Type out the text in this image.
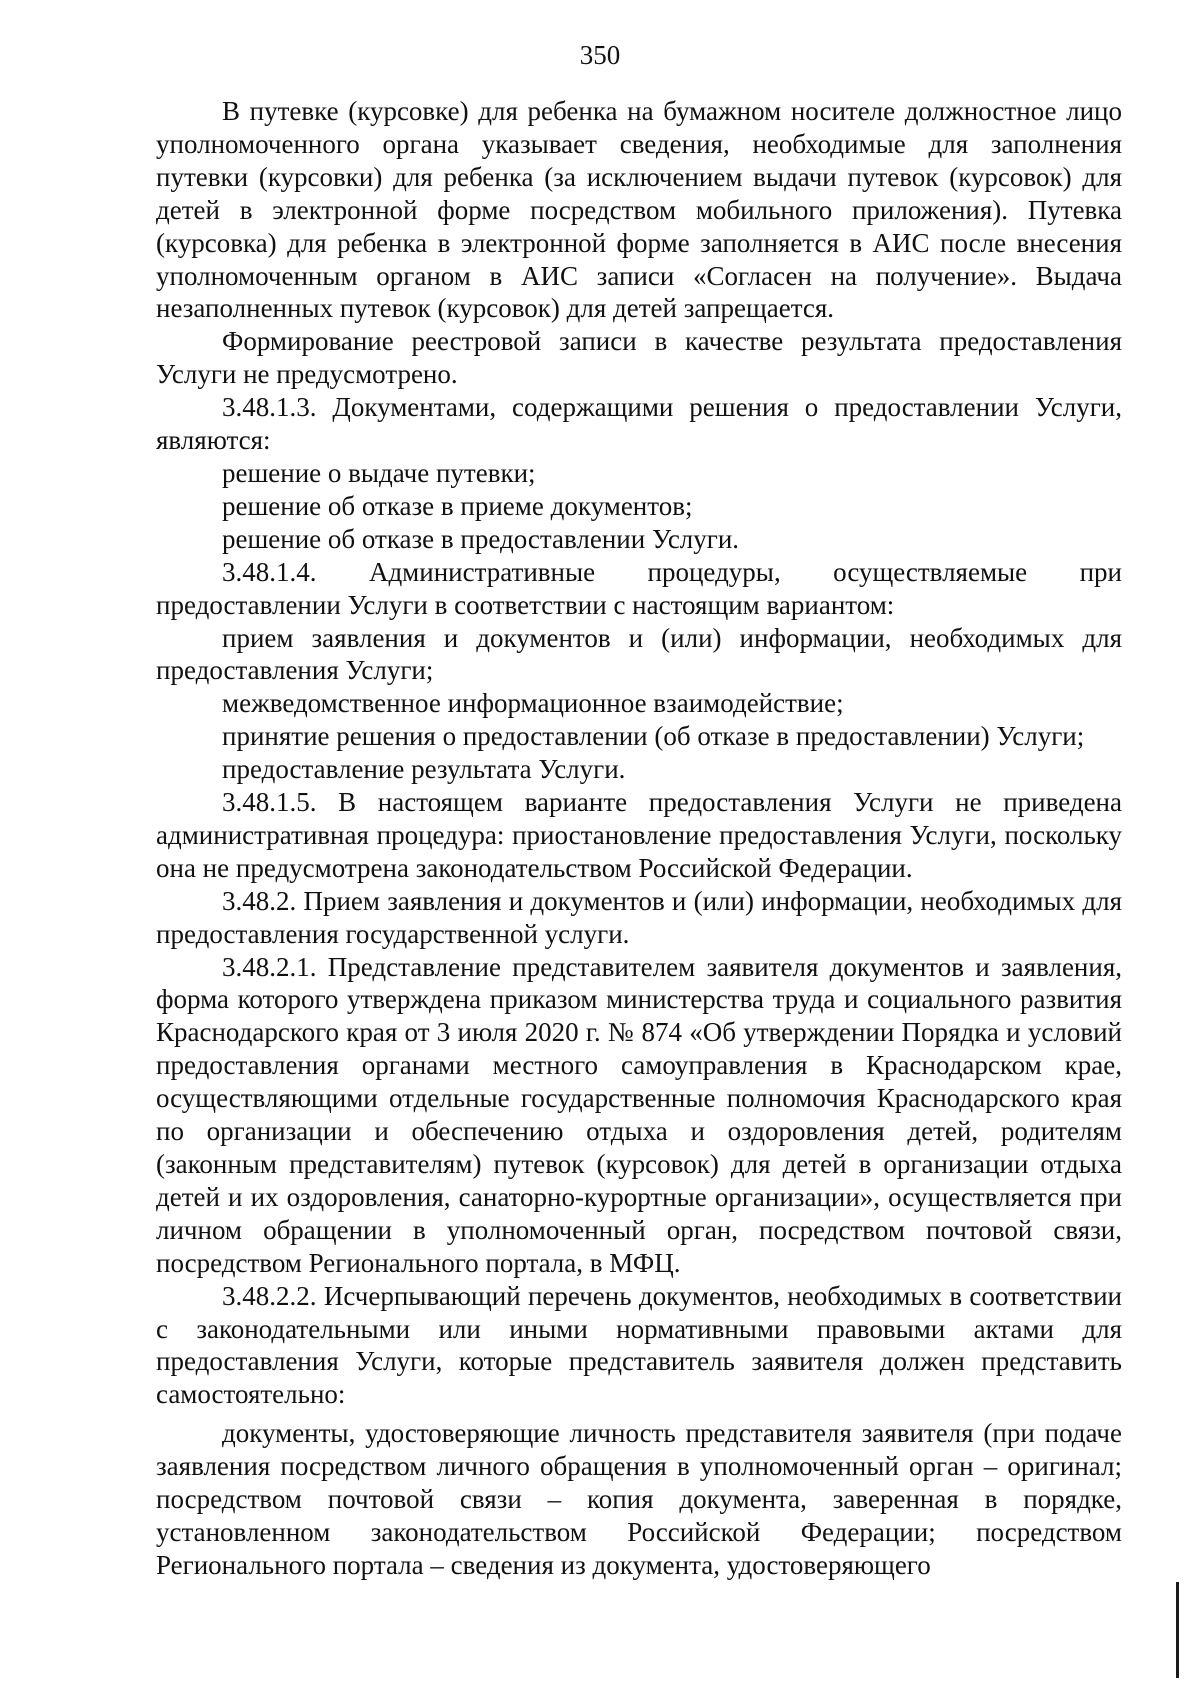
350

В путевке (курсовке) для ребенка на бумажном носителе должностное лицо уполномоченного органа указывает сведения, необходимые для заполнения путевки (курсовки) для ребенка (за исключением выдачи путевок (курсовок) для детей в электронной форме посредством мобильного приложения). Путевка (курсовка) для ребенка в электронной форме заполняется в АИС после внесения уполномоченным органом в АИС записи «Согласен на получение». Выдача незаполненных путевок (курсовок) для детей запрещается.

Формирование реестровой записи в качестве результата предоставления Услуги не предусмотрено.

3.48.1.3. Документами, содержащими решения о предоставлении Услуги, являются:

решение о выдаче путевки;

решение об отказе в приеме документов;

решение об отказе в предоставлении Услуги.

3.48.1.4. Административные процедуры, осуществляемые при предоставлении Услуги в соответствии с настоящим вариантом:

прием заявления и документов и (или) информации, необходимых для предоставления Услуги;

межведомственное информационное взаимодействие;

принятие решения о предоставлении (об отказе в предоставлении) Услуги;

предоставление результата Услуги.

3.48.1.5. В настоящем варианте предоставления Услуги не приведена административная процедура: приостановление предоставления Услуги, поскольку она не предусмотрена законодательством Российской Федерации.

3.48.2. Прием заявления и документов и (или) информации, необходимых для предоставления государственной услуги.

3.48.2.1. Представление представителем заявителя документов и заявления, форма которого утверждена приказом министерства труда и социального развития Краснодарского края от 3 июля 2020 г. № 874 «Об утверждении Порядка и условий предоставления органами местного самоуправления в Краснодарском крае, осуществляющими отдельные государственные полномочия Краснодарского края по организации и обеспечению отдыха и оздоровления детей, родителям (законным представителям) путевок (курсовок) для детей в организации отдыха детей и их оздоровления, санаторно-курортные организации», осуществляется при личном обращении в уполномоченный орган, посредством почтовой связи, посредством Регионального портала, в МФЦ.

3.48.2.2. Исчерпывающий перечень документов, необходимых в соответствии с законодательными или иными нормативными правовыми актами для предоставления Услуги, которые представитель заявителя должен представить самостоятельно:

документы, удостоверяющие личность представителя заявителя (при подаче заявления посредством личного обращения в уполномоченный орган – оригинал; посредством почтовой связи – копия документа, заверенная в порядке, установленном законодательством Российской Федерации; посредством Регионального портала – сведения из документа, удостоверяющего
